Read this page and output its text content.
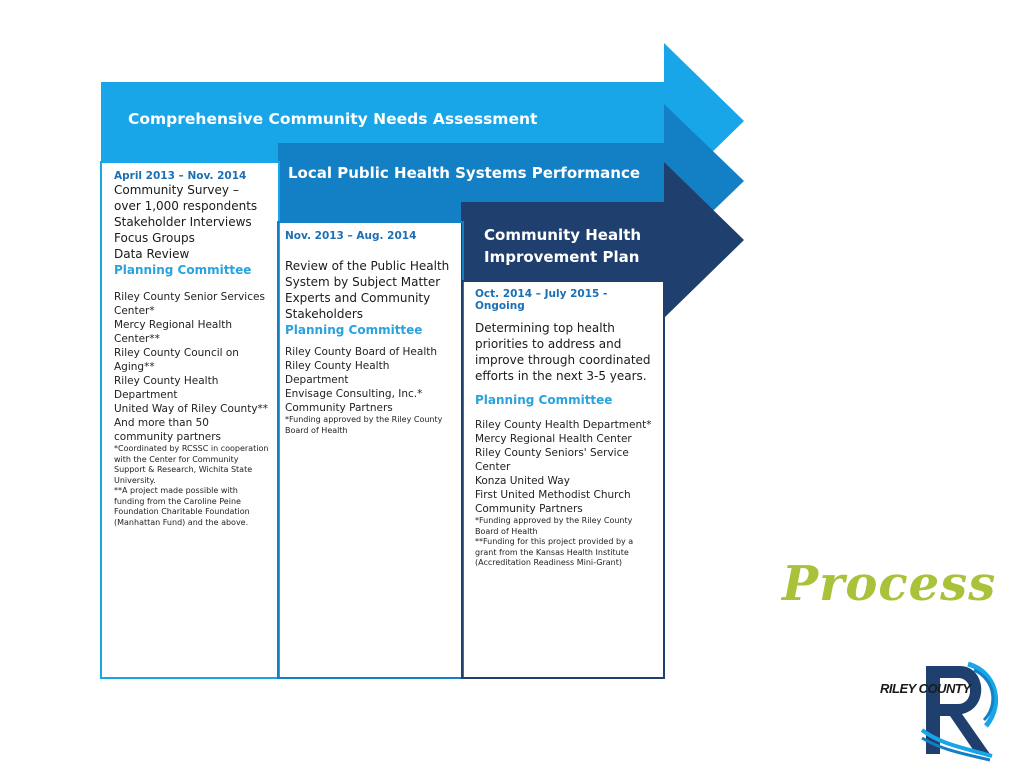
Comprehensive Community Needs Assessment
Local Public Health Systems Performance
Community Health
Improvement Plan

April 2013 – Nov. 2014

Community Survey –

over 1,000 respondents

Stakeholder Interviews

Focus Groups

Data Review

Planning Committee

Riley County Senior Services Center*

Mercy Regional Health Center**

Riley County Council on Aging**

Riley County Health Department

United Way of Riley County**

And more than 50 community partners

*Coordinated by RCSSC in cooperation with the Center for Community Support & Research, Wichita State University.

**A project made possible with funding from the Caroline Peine Foundation Charitable Foundation (Manhattan Fund) and the above.

Nov. 2013 – Aug. 2014

Review of the Public Health System by Subject Matter Experts and Community Stakeholders

Planning Committee

Riley County Board of Health

Riley County Health Department

Envisage Consulting, Inc.*

Community Partners

*Funding approved by the Riley County Board of Health

Oct. 2014 – July 2015 - Ongoing

Determining top health priorities to address and improve through coordinated efforts in the next 3-5 years.

Planning Committee

Riley County Health Department*

Mercy Regional Health Center

Riley County Seniors' Service Center

Konza United Way

First United Methodist Church

Community Partners

*Funding approved by the Riley County Board of Health

**Funding for this project provided by a grant from the Kansas Health Institute (Accreditation Readiness Mini-Grant)	Process
RILEY COUNTY
